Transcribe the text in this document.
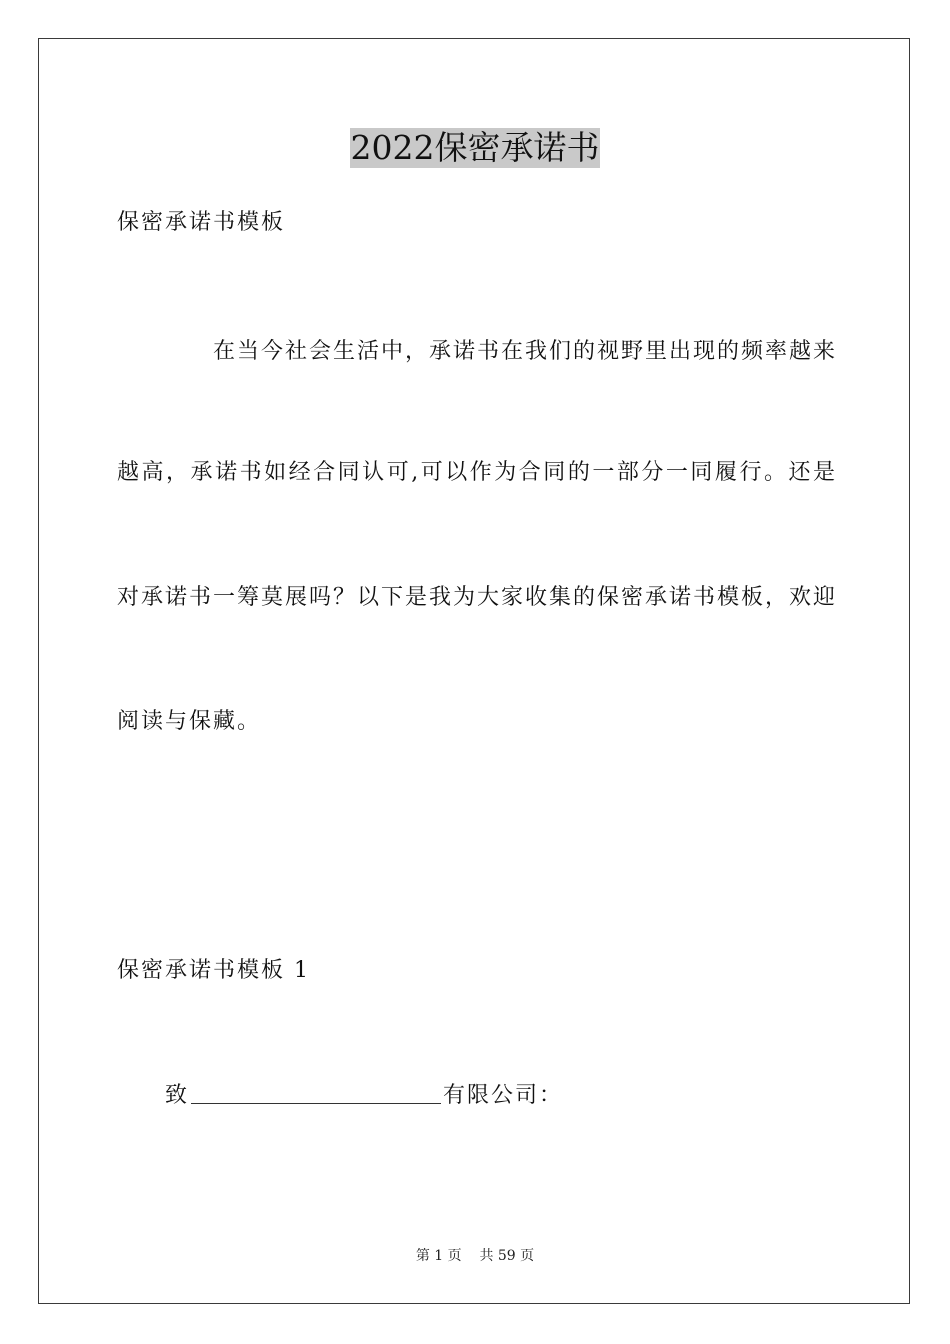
2022保密承诺书
保密承诺书模板
在当今社会生活中，承诺书在我们的视野里出现的频率越来
越高，承诺书如经合同认可,可以作为合同的一部分一同履行。还是
对承诺书一筹莫展吗？以下是我为大家收集的保密承诺书模板，欢迎
阅读与保藏。
保密承诺书模板 1
致	有限公司：
第 1 页 共 59 页
